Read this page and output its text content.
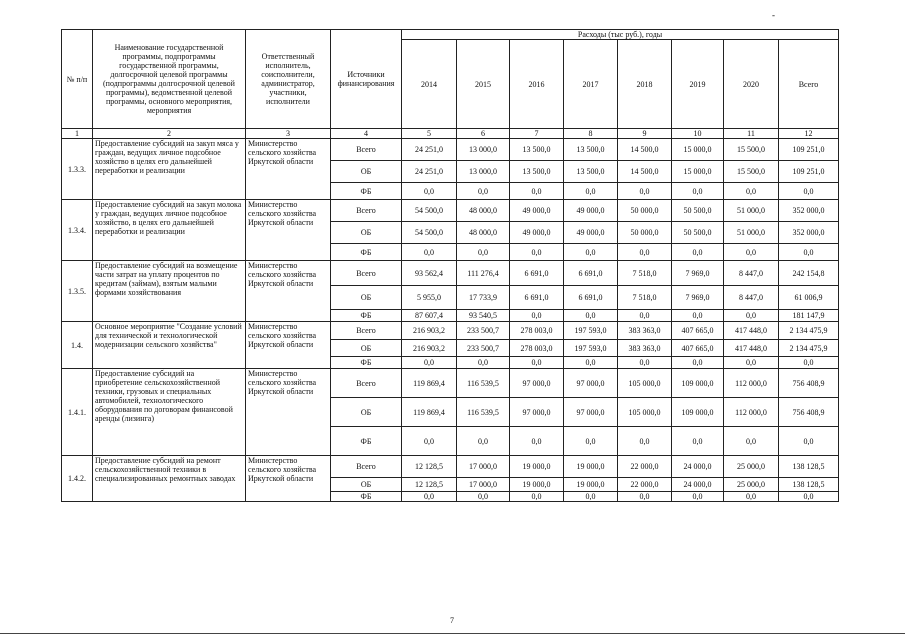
-
№ п/п	Наименование государственной программы, подпрограммы государственной программы, долгосрочной целевой программы (подпрограммы долгосрочной целевой программы), ведомственной целевой программы, основного мероприятия, мероприятия	Ответственный исполнитель, соисполнители, администратор, участники, исполнители	Источники финансирования	Расходы (тыс руб.), годы							
				2014	2015	2016	2017	2018	2019	2020	Всего
1	2	3	4	5	6	7	8	9	10	11	12
1.3.3.	Предоставление субсидий на закуп мяса у граждан, ведущих личное подсобное хозяйство в целях его дальнейшей переработки и реализации	Министерство сельского хозяйства Иркутской области	Всего	24 251,0	13 000,0	13 500,0	13 500,0	14 500,0	15 000,0	15 500,0	109 251,0
			ОБ	24 251,0	13 000,0	13 500,0	13 500,0	14 500,0	15 000,0	15 500,0	109 251,0
			ФБ	0,0	0,0	0,0	0,0	0,0	0,0	0,0	0,0
1.3.4.	Предоставление субсидий на закуп молока у граждан, ведущих личное подсобное хозяйство, в целях его дальнейшей переработки и реализации	Министерство сельского хозяйства Иркутской области	Всего	54 500,0	48 000,0	49 000,0	49 000,0	50 000,0	50 500,0	51 000,0	352 000,0
			ОБ	54 500,0	48 000,0	49 000,0	49 000,0	50 000,0	50 500,0	51 000,0	352 000,0
			ФБ	0,0	0,0	0,0	0,0	0,0	0,0	0,0	0,0
1.3.5.	Предоставление субсидий на возмещение части затрат на уплату процентов по кредитам (займам), взятым малыми формами хозяйствования	Министерство сельского хозяйства Иркутской области	Всего	93 562,4	111 276,4	6 691,0	6 691,0	7 518,0	7 969,0	8 447,0	242 154,8
			ОБ	5 955,0	17 733,9	6 691,0	6 691,0	7 518,0	7 969,0	8 447,0	61 006,9
			ФБ	87 607,4	93 540,5	0,0	0,0	0,0	0,0	0,0	181 147,9
1.4.	Основное мероприятие "Создание условий для технической и технологической модернизации сельского хозяйства"	Министерство сельского хозяйства Иркутской области	Всего	216 903,2	233 500,7	278 003,0	197 593,0	383 363,0	407 665,0	417 448,0	2 134 475,9
			ОБ	216 903,2	233 500,7	278 003,0	197 593,0	383 363,0	407 665,0	417 448,0	2 134 475,9
			ФБ	0,0	0,0	0,0	0,0	0,0	0,0	0,0	0,0
1.4.1.	Предоставление субсидий на приобретение сельскохозяйственной техники, грузовых и специальных автомобилей, технологического оборудования по договорам финансовой аренды (лизинга)	Министерство сельского хозяйства Иркутской области	Всего	119 869,4	116 539,5	97 000,0	97 000,0	105 000,0	109 000,0	112 000,0	756 408,9
			ОБ	119 869,4	116 539,5	97 000,0	97 000,0	105 000,0	109 000,0	112 000,0	756 408,9
			ФБ	0,0	0,0	0,0	0,0	0,0	0,0	0,0	0,0
1.4.2.	Предоставление субсидий на ремонт сельскохозяйственной техники в специализированных ремонтных заводах	Министерство сельского хозяйства Иркутской области	Всего	12 128,5	17 000,0	19 000,0	19 000,0	22 000,0	24 000,0	25 000,0	138 128,5
			ОБ	12 128,5	17 000,0	19 000,0	19 000,0	22 000,0	24 000,0	25 000,0	138 128,5
			ФБ	0,0	0,0	0,0	0,0	0,0	0,0	0,0	0,0
7
